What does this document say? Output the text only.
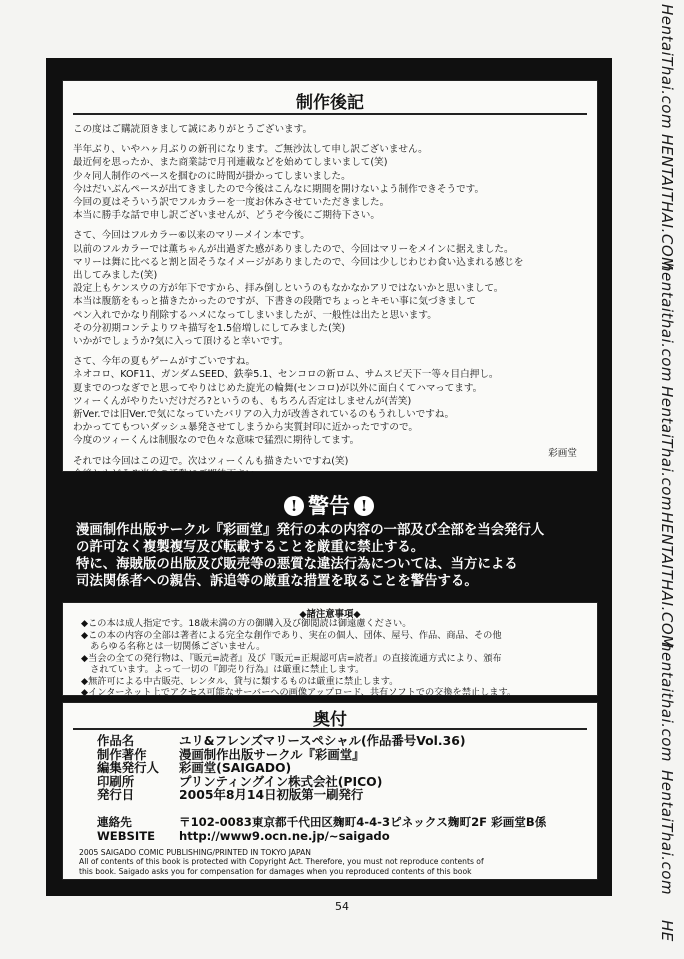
HentaiThai.com
HENTAITHAI.COM
hentaithai.com
HentaiThai.com
HENTAITHAI.COM
hentaithai.com
HentaiThai.com
HE
制作後記
この度はご購読頂きまして誠にありがとうございます。
半年ぶり、いやハヶ月ぶりの新刊になります。ご無沙汰して申し訳ございません。
最近何を思ったか、また商業誌で月刊連載などを始めてしまいまして(笑)
少々同人制作のペースを掴むのに時間が掛かってしまいました。
今はだいぶんペースが出てきましたので今後はこんなに期間を開けないよう制作できそうです。
今回の夏はそういう訳でフルカラーを一度お休みさせていただきました。
本当に勝手な話で申し訳ございませんが、どうぞ今後にご期待下さい。
さて、今回はフルカラー⑥以来のマリーメイン本です。
以前のフルカラーでは薫ちゃんが出過ぎた感がありましたので、今回はマリーをメインに据えました。
マリーは舞に比べると割と固そうなイメージがありましたので、今回は少しじわじわ食い込まれる感じを
出してみました(笑)
設定上もケンスウの方が年下ですから、拝み倒しというのもなかなかアリではないかと思いまして。
本当は腹筋をもっと描きたかったのですが、下書きの段階でちょっとキモい事に気づきまして
ペン入れでかなり削除するハメになってしまいましたが、一般性は出たと思います。
その分初期コンテよりワキ描写を1.5倍増しにしてみました(笑)
いかがでしょうか?気に入って頂けると幸いです。
さて、今年の夏もゲームがすごいですね。
ネオコロ、KOF11、ガンダムSEED、鉄拳5.1、センコロの新ロム、サムスピ天下一等々目白押し。
夏までのつなぎでと思ってやりはじめた旋光の輪舞(センコロ)が以外に面白くてハマってます。
ツィーくんがやりたいだけだろ?というのも、もちろん否定はしませんが(苦笑)
新Ver.では旧Ver.で気になっていたバリアの入力が改善されているのもうれしいですね。
わかっててもついダッシュ暴発させてしまうから実質封印に近かったですので。
今度のツィーくんは制服なので色々な意味で猛烈に期待してます。
それでは今回はこの辺で。次はツィーくんも描きたいですね(笑)
今後ともどうぞ当会の活動にご期待下さい。
彩画堂
! 警告 !
漫画制作出版サークル『彩画堂』発行の本の内容の一部及び全部を当会発行人
の許可なく複製複写及び転載することを厳重に禁止する。
特に、海賊版の出版及び販売等の悪質な違法行為については、当方による
司法関係者への親告、訴追等の厳重な措置を取ることを警告する。
◆諸注意事項◆
◆この本は成人指定です。18歳未満の方の御購入及び御閲読は御遠慮ください。
◆この本の内容の全部は著者による完全な創作であり、実在の個人、団体、屋号、作品、商品、その他
　あらゆる名称とは一切関係ございません。
◆当会の全ての発行物は、『販元=読者』及び『販元=正規認可店=読者』の直接流通方式により、頒布
　されています。よって一切の『卸売り行為』は厳重に禁止します。
◆無許可による中古販売、レンタル、貸与に類するものは厳重に禁止します。
◆インターネット上でアクセス可能なサーバーへの画像アップロード、共有ソフトでの交換を禁止します。
奥付
作品名	ユリ&フレンズマリースペシャル(作品番号Vol.36)
制作著作	漫画制作出版サークル『彩画堂』
編集発行人	彩画堂(SAIGADO)
印刷所	プリンティングイン株式会社(PICO)
発行日	2005年8月14日初版第一刷発行
連絡先	〒102-0083東京都千代田区麹町4-4-3ピネックス麹町2F 彩画堂B係
WEBSITE	http://www9.ocn.ne.jp/~saigado
2005 SAIGADO COMIC PUBLISHING/PRINTED IN TOKYO JAPAN
All of contents of this book is protected with Copyright Act. Therefore, you must not reproduce contents of
this book. Saigado asks you for compensation for damages when you reproduced contents of this book
54
